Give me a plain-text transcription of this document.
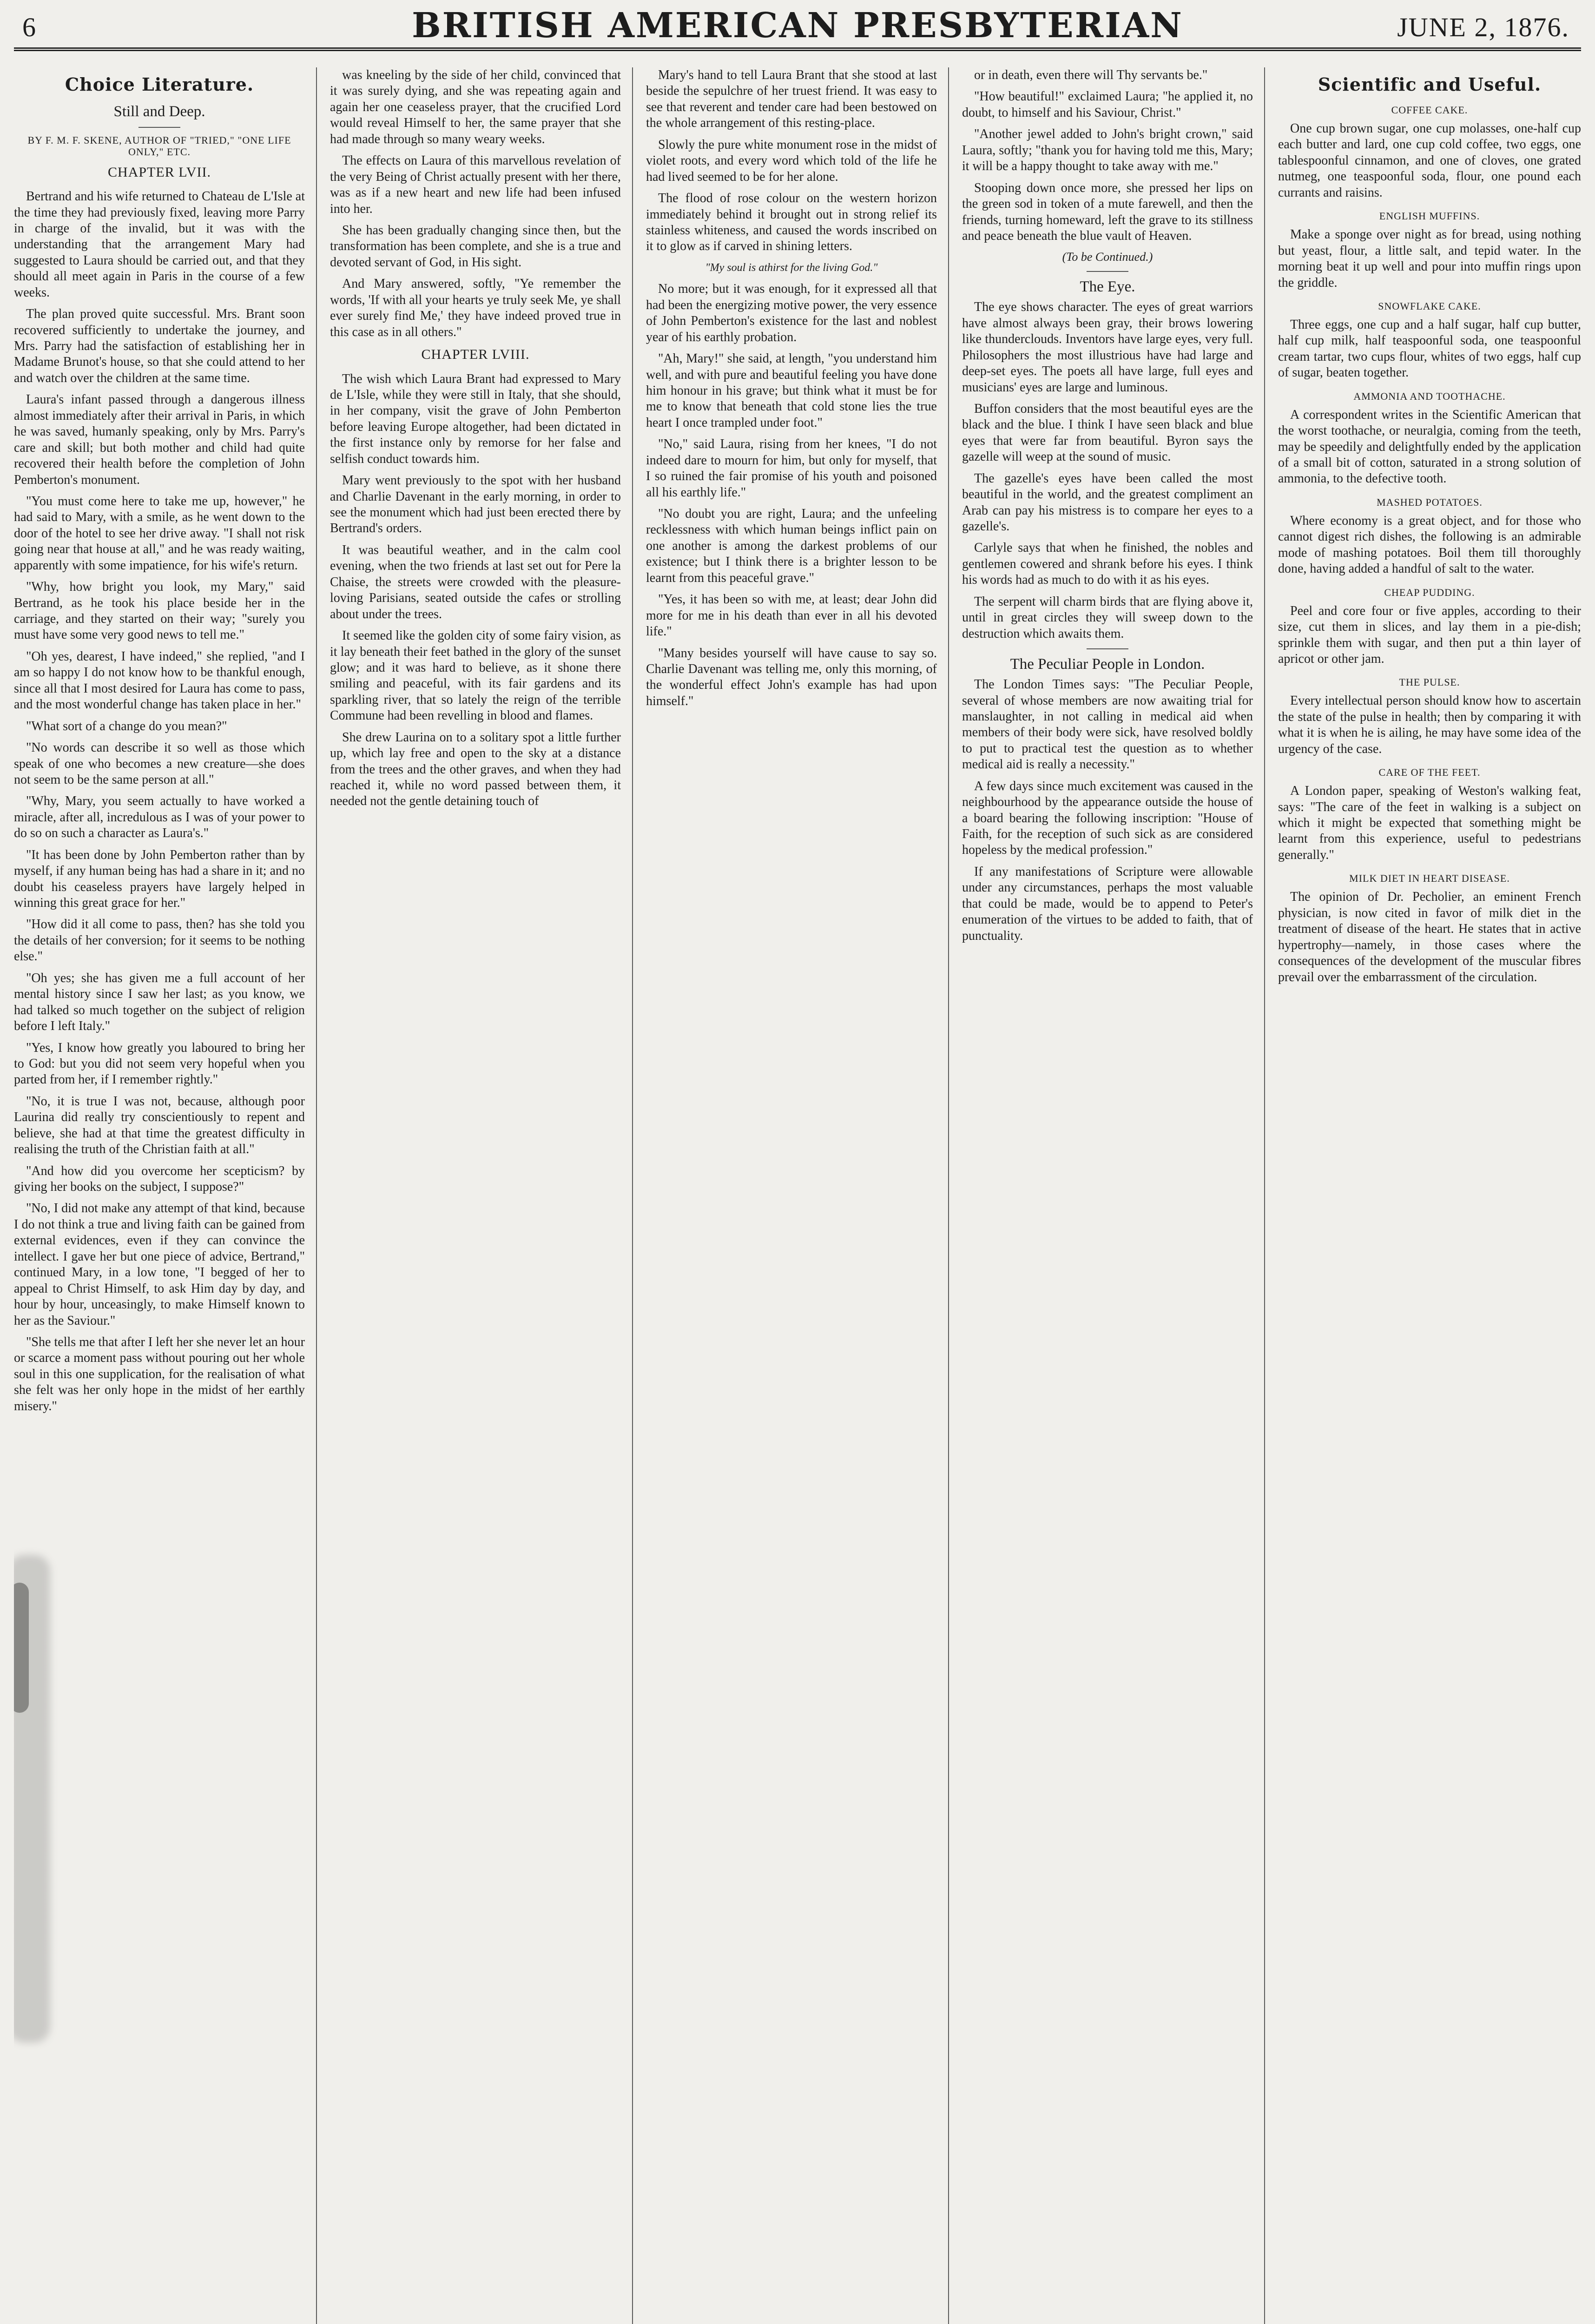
6	BRITISH AMERICAN PRESBYTERIAN	JUNE 2, 1876.
Choice Literature.
Still and Deep.
BY F. M. F. SKENE, AUTHOR OF "TRIED," "ONE LIFE ONLY," ETC.
CHAPTER LVII.

Bertrand and his wife returned to Chateau de L'Isle at the time they had previously fixed, leaving more Parry in charge of the invalid, but it was with the understanding that the arrangement Mary had suggested to Laura should be carried out, and that they should all meet again in Paris in the course of a few weeks.

The plan proved quite successful. Mrs. Brant soon recovered sufficiently to undertake the journey, and Mrs. Parry had the satisfaction of establishing her in Madame Brunot's house, so that she could attend to her and watch over the children at the same time.

Laura's infant passed through a dangerous illness almost immediately after their arrival in Paris, in which he was saved, humanly speaking, only by Mrs. Parry's care and skill; but both mother and child had quite recovered their health before the completion of John Pemberton's monument.

"You must come here to take me up, however," he had said to Mary, with a smile, as he went down to the door of the hotel to see her drive away. "I shall not risk going near that house at all," and he was ready waiting, apparently with some impatience, for his wife's return.

"Why, how bright you look, my Mary," said Bertrand, as he took his place beside her in the carriage, and they started on their way; "surely you must have some very good news to tell me."

"Oh yes, dearest, I have indeed," she replied, "and I am so happy I do not know how to be thankful enough, since all that I most desired for Laura has come to pass, and the most wonderful change has taken place in her."

"What sort of a change do you mean?"

"No words can describe it so well as those which speak of one who becomes a new creature—she does not seem to be the same person at all."

"Why, Mary, you seem actually to have worked a miracle, after all, incredulous as I was of your power to do so on such a character as Laura's."

"It has been done by John Pemberton rather than by myself, if any human being has had a share in it; and no doubt his ceaseless prayers have largely helped in winning this great grace for her."

"How did it all come to pass, then? has she told you the details of her conversion; for it seems to be nothing else."

"Oh yes; she has given me a full account of her mental history since I saw her last; as you know, we had talked so much together on the subject of religion before I left Italy."

"Yes, I know how greatly you laboured to bring her to God: but you did not seem very hopeful when you parted from her, if I remember rightly."

"No, it is true I was not, because, although poor Laurina did really try conscientiously to repent and believe, she had at that time the greatest difficulty in realising the truth of the Christian faith at all."

"And how did you overcome her scepticism? by giving her books on the subject, I suppose?"

"No, I did not make any attempt of that kind, because I do not think a true and living faith can be gained from external evidences, even if they can convince the intellect. I gave her but one piece of advice, Bertrand," continued Mary, in a low tone, "I begged of her to appeal to Christ Himself, to ask Him day by day, and hour by hour, unceasingly, to make Himself known to her as the Saviour."

"She tells me that after I left her she never let an hour or scarce a moment pass without pouring out her whole soul in this one supplication, for the realisation of what she felt was her only hope in the midst of her earthly misery."

was kneeling by the side of her child, convinced that it was surely dying, and she was repeating again and again her one ceaseless prayer, that the crucified Lord would reveal Himself to her, the same prayer that she had made through so many weary weeks.

The effects on Laura of this marvellous revelation of the very Being of Christ actually present with her there, was as if a new heart and new life had been infused into her.

She has been gradually changing since then, but the transformation has been complete, and she is a true and devoted servant of God, in His sight.

And Mary answered, softly, "Ye remember the words, 'If with all your hearts ye truly seek Me, ye shall ever surely find Me,' they have indeed proved true in this case as in all others."

CHAPTER LVIII.

The wish which Laura Brant had expressed to Mary de L'Isle, while they were still in Italy, that she should, in her company, visit the grave of John Pemberton before leaving Europe altogether, had been dictated in the first instance only by remorse for her false and selfish conduct towards him.

Mary went previously to the spot with her husband and Charlie Davenant in the early morning, in order to see the monument which had just been erected there by Bertrand's orders.

It was beautiful weather, and in the calm cool evening, when the two friends at last set out for Pere la Chaise, the streets were crowded with the pleasure-loving Parisians, seated outside the cafes or strolling about under the trees.

It seemed like the golden city of some fairy vision, as it lay beneath their feet bathed in the glory of the sunset glow; and it was hard to believe, as it shone there smiling and peaceful, with its fair gardens and its sparkling river, that so lately the reign of the terrible Commune had been revelling in blood and flames.

She drew Laurina on to a solitary spot a little further up, which lay free and open to the sky at a distance from the trees and the other graves, and when they had reached it, while no word passed between them, it needed not the gentle detaining touch of

Mary's hand to tell Laura Brant that she stood at last beside the sepulchre of her truest friend. It was easy to see that reverent and tender care had been bestowed on the whole arrangement of this resting-place.

Slowly the pure white monument rose in the midst of violet roots, and every word which told of the life he had lived seemed to be for her alone.

The flood of rose colour on the western horizon immediately behind it brought out in strong relief its stainless whiteness, and caused the words inscribed on it to glow as if carved in shining letters.

"My soul is athirst for the living God."

No more; but it was enough, for it expressed all that had been the energizing motive power, the very essence of John Pemberton's existence for the last and noblest year of his earthly probation.

"Ah, Mary!" she said, at length, "you understand him well, and with pure and beautiful feeling you have done him honour in his grave; but think what it must be for me to know that beneath that cold stone lies the true heart I once trampled under foot."

"No," said Laura, rising from her knees, "I do not indeed dare to mourn for him, but only for myself, that I so ruined the fair promise of his youth and poisoned all his earthly life."

"No doubt you are right, Laura; and the unfeeling recklessness with which human beings inflict pain on one another is among the darkest problems of our existence; but I think there is a brighter lesson to be learnt from this peaceful grave."

"Yes, it has been so with me, at least; dear John did more for me in his death than ever in all his devoted life."

"Many besides yourself will have cause to say so. Charlie Davenant was telling me, only this morning, of the wonderful effect John's example has had upon himself."

or in death, even there will Thy servants be."

"How beautiful!" exclaimed Laura; "he applied it, no doubt, to himself and his Saviour, Christ."

"Another jewel added to John's bright crown," said Laura, softly; "thank you for having told me this, Mary; it will be a happy thought to take away with me."

Stooping down once more, she pressed her lips on the green sod in token of a mute farewell, and then the friends, turning homeward, left the grave to its stillness and peace beneath the blue vault of Heaven.

(To be Continued.)

The Eye.

The eye shows character. The eyes of great warriors have almost always been gray, their brows lowering like thunderclouds. Inventors have large eyes, very full. Philosophers the most illustrious have had large and deep-set eyes. The poets all have large, full eyes and musicians' eyes are large and luminous.

Buffon considers that the most beautiful eyes are the black and the blue. I think I have seen black and blue eyes that were far from beautiful. Byron says the gazelle will weep at the sound of music.

The gazelle's eyes have been called the most beautiful in the world, and the greatest compliment an Arab can pay his mistress is to compare her eyes to a gazelle's.

Carlyle says that when he finished, the nobles and gentlemen cowered and shrank before his eyes. I think his words had as much to do with it as his eyes.

The serpent will charm birds that are flying above it, until in great circles they will sweep down to the destruction which awaits them.

The Peculiar People in London.

The London Times says: "The Peculiar People, several of whose members are now awaiting trial for manslaughter, in not calling in medical aid when members of their body were sick, have resolved boldly to put to practical test the question as to whether medical aid is really a necessity."

A few days since much excitement was caused in the neighbourhood by the appearance outside the house of a board bearing the following inscription: "House of Faith, for the reception of such sick as are considered hopeless by the medical profession."

If any manifestations of Scripture were allowable under any circumstances, perhaps the most valuable that could be made, would be to append to Peter's enumeration of the virtues to be added to faith, that of punctuality.

Scientific and Useful.
COFFEE CAKE.

One cup brown sugar, one cup molasses, one-half cup each butter and lard, one cup cold coffee, two eggs, one tablespoonful cinnamon, and one of cloves, one grated nutmeg, one teaspoonful soda, flour, one pound each currants and raisins.

ENGLISH MUFFINS.

Make a sponge over night as for bread, using nothing but yeast, flour, a little salt, and tepid water. In the morning beat it up well and pour into muffin rings upon the griddle.

SNOWFLAKE CAKE.

Three eggs, one cup and a half sugar, half cup butter, half cup milk, half teaspoonful soda, one teaspoonful cream tartar, two cups flour, whites of two eggs, half cup of sugar, beaten together.

AMMONIA AND TOOTHACHE.

A correspondent writes in the Scientific American that the worst toothache, or neuralgia, coming from the teeth, may be speedily and delightfully ended by the application of a small bit of cotton, saturated in a strong solution of ammonia, to the defective tooth.

MASHED POTATOES.

Where economy is a great object, and for those who cannot digest rich dishes, the following is an admirable mode of mashing potatoes. Boil them till thoroughly done, having added a handful of salt to the water.

CHEAP PUDDING.

Peel and core four or five apples, according to their size, cut them in slices, and lay them in a pie-dish; sprinkle them with sugar, and then put a thin layer of apricot or other jam.

THE PULSE.

Every intellectual person should know how to ascertain the state of the pulse in health; then by comparing it with what it is when he is ailing, he may have some idea of the urgency of the case.

CARE OF THE FEET.

A London paper, speaking of Weston's walking feat, says: "The care of the feet in walking is a subject on which it might be expected that something might be learnt from this experience, useful to pedestrians generally."

MILK DIET IN HEART DISEASE.

The opinion of Dr. Pecholier, an eminent French physician, is now cited in favor of milk diet in the treatment of disease of the heart. He states that in active hypertrophy—namely, in those cases where the consequences of the development of the muscular fibres prevail over the embarrassment of the circulation.
